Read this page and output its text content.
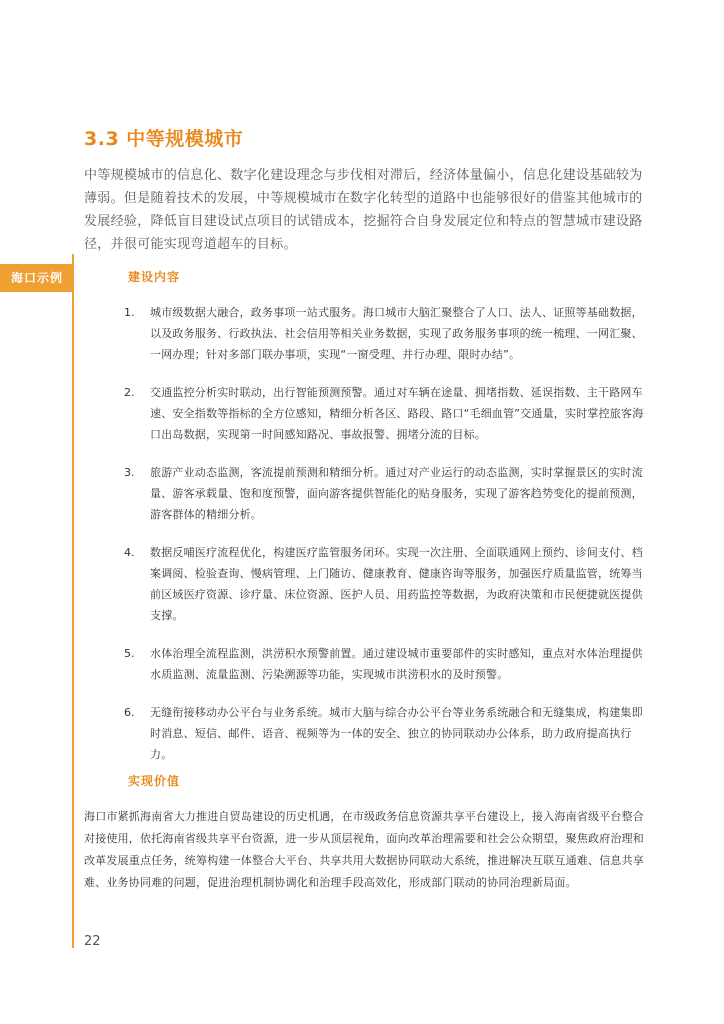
3.3 中等规模城市
中等规模城市的信息化、数字化建设理念与步伐相对滞后，经济体量偏小，信息化建设基础较为薄弱。但是随着技术的发展，中等规模城市在数字化转型的道路中也能够很好的借鉴其他城市的发展经验，降低盲目建设试点项目的试错成本，挖掘符合自身发展定位和特点的智慧城市建设路径，并很可能实现弯道超车的目标。
海口示例	建设内容
1.	城市级数据大融合，政务事项一站式服务。海口城市大脑汇聚整合了人口、法人、证照等基础数据，以及政务服务、行政执法、社会信用等相关业务数据，实现了政务服务事项的统一梳理、一网汇聚、一网办理；针对多部门联办事项，实现“一窗受理、并行办理、限时办结”。
2.	交通监控分析实时联动，出行智能预测预警。通过对车辆在途量、拥堵指数、延误指数、主干路网车速、安全指数等指标的全方位感知，精细分析各区、路段、路口“毛细血管”交通量，实时掌控旅客海口出岛数据，实现第一时间感知路况、事故报警、拥堵分流的目标。
3.	旅游产业动态监测，客流提前预测和精细分析。通过对产业运行的动态监测，实时掌握景区的实时流量、游客承载量、饱和度预警，面向游客提供智能化的贴身服务，实现了游客趋势变化的提前预测，游客群体的精细分析。
4.	数据反哺医疗流程优化，构建医疗监管服务闭环。实现一次注册、全面联通网上预约、诊间支付、档案调阅、检验查询、慢病管理、上门随访、健康教育、健康咨询等服务，加强医疗质量监管，统筹当前区域医疗资源、诊疗量、床位资源、医护人员、用药监控等数据，为政府决策和市民便捷就医提供支撑。
5.	水体治理全流程监测，洪涝积水预警前置。通过建设城市重要部件的实时感知，重点对水体治理提供水质监测、流量监测、污染溯源等功能，实现城市洪涝积水的及时预警。
6.	无缝衔接移动办公平台与业务系统。城市大脑与综合办公平台等业务系统融合和无缝集成，构建集即时消息、短信、邮件、语音、视频等为一体的安全、独立的协同联动办公体系，助力政府提高执行力。
实现价值
海口市紧抓海南省大力推进自贸岛建设的历史机遇，在市级政务信息资源共享平台建设上，接入海南省级平台整合对接使用，依托海南省级共享平台资源，进一步从顶层视角，面向改革治理需要和社会公众期望，聚焦政府治理和改革发展重点任务，统筹构建一体整合大平台、共享共用大数据协同联动大系统，推进解决互联互通难、信息共享难、业务协同难的问题，促进治理机制协调化和治理手段高效化，形成部门联动的协同治理新局面。
22
